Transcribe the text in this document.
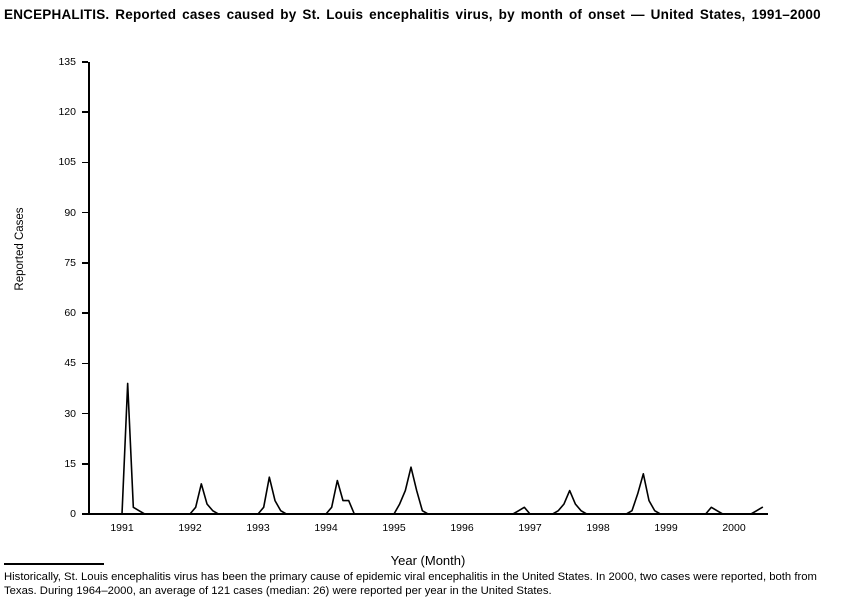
ENCEPHALITIS. Reported cases caused by St. Louis encephalitis virus, by month of onset — United States, 1991–2000
Reported Cases
0
15
30
45
60
75
90
105
120
135
1991	1992	1993	1994	1995	1996	1997	1998	1999	2000
Year (Month)
Historically, St. Louis encephalitis virus has been the primary cause of epidemic viral encephalitis in the United States. In 2000, two cases were reported, both from Texas. During 1964–2000, an average of 121 cases (median: 26) were reported per year in the United States.
